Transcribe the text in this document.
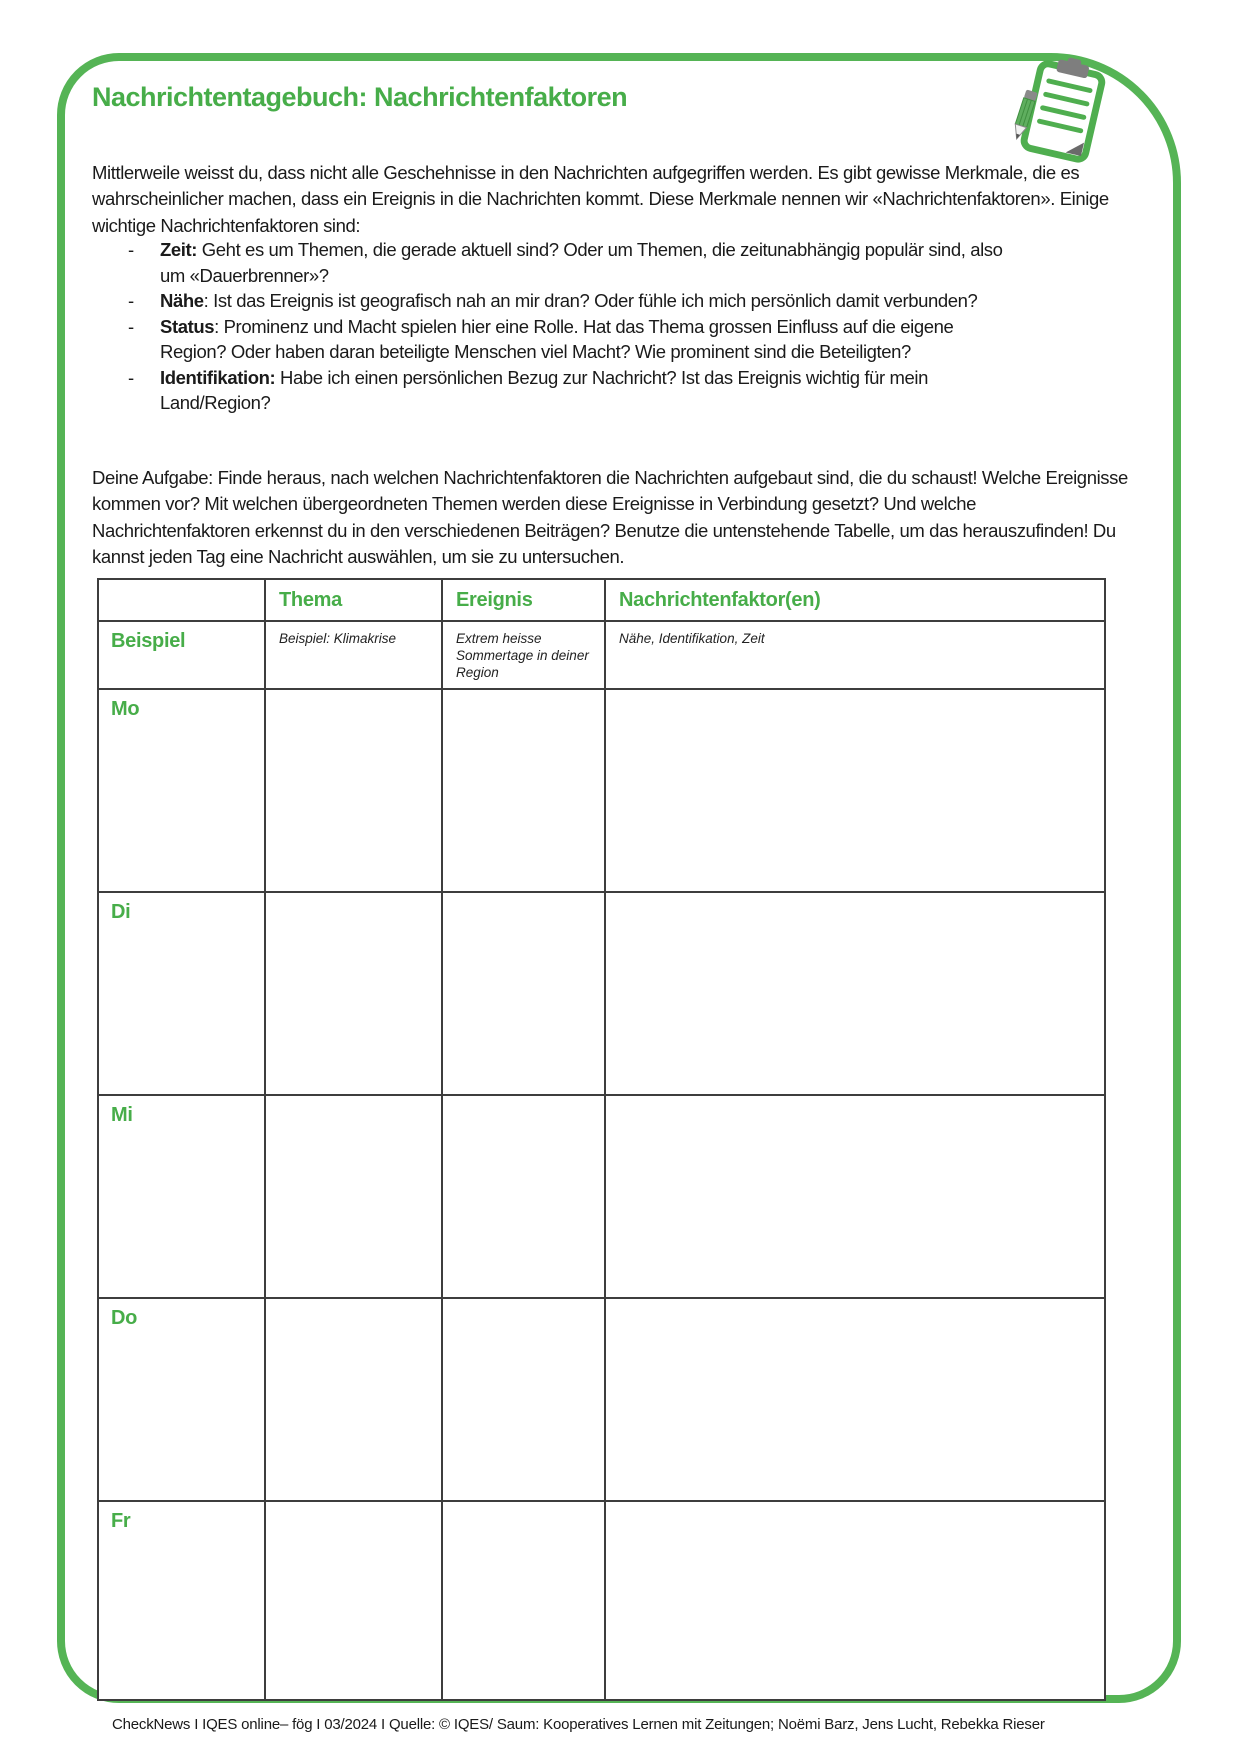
Nachrichtentagebuch: Nachrichtenfaktoren

Mittlerweile weisst du, dass nicht alle Geschehnisse in den Nachrichten aufgegriffen werden. Es gibt gewisse Merkmale, die es wahrscheinlicher machen, dass ein Ereignis in die Nachrichten kommt. Diese Merkmale nennen wir «Nachrichtenfaktoren». Einige wichtige Nachrichtenfaktoren sind:

- Zeit: Geht es um Themen, die gerade aktuell sind? Oder um Themen, die zeitunabhängig populär sind, also um «Dauerbrenner»?
- Nähe: Ist das Ereignis ist geografisch nah an mir dran? Oder fühle ich mich persönlich damit verbunden?
- Status: Prominenz und Macht spielen hier eine Rolle. Hat das Thema grossen Einfluss auf die eigene Region? Oder haben daran beteiligte Menschen viel Macht? Wie prominent sind die Beteiligten?
- Identifikation: Habe ich einen persönlichen Bezug zur Nachricht? Ist das Ereignis wichtig für mein Land/Region?

Deine Aufgabe: Finde heraus, nach welchen Nachrichtenfaktoren die Nachrichten aufgebaut sind, die du schaust! Welche Ereignisse kommen vor? Mit welchen übergeordneten Themen werden diese Ereignisse in Verbindung gesetzt? Und welche Nachrichtenfaktoren erkennst du in den verschiedenen Beiträgen? Benutze die untenstehende Tabelle, um das herauszufinden! Du kannst jeden Tag eine Nachricht auswählen, um sie zu untersuchen.

	Thema	Ereignis	Nachrichtenfaktor(en)
Beispiel	Beispiel: Klimakrise	Extrem heisse Sommertage in deiner Region	Nähe, Identifikation, Zeit
Mo			
Di			
Mi			
Do			
Fr			
CheckNews I IQES online– fög I 03/2024 I Quelle: © IQES/ Saum: Kooperatives Lernen mit Zeitungen; Noëmi Barz, Jens Lucht, Rebekka Rieser
